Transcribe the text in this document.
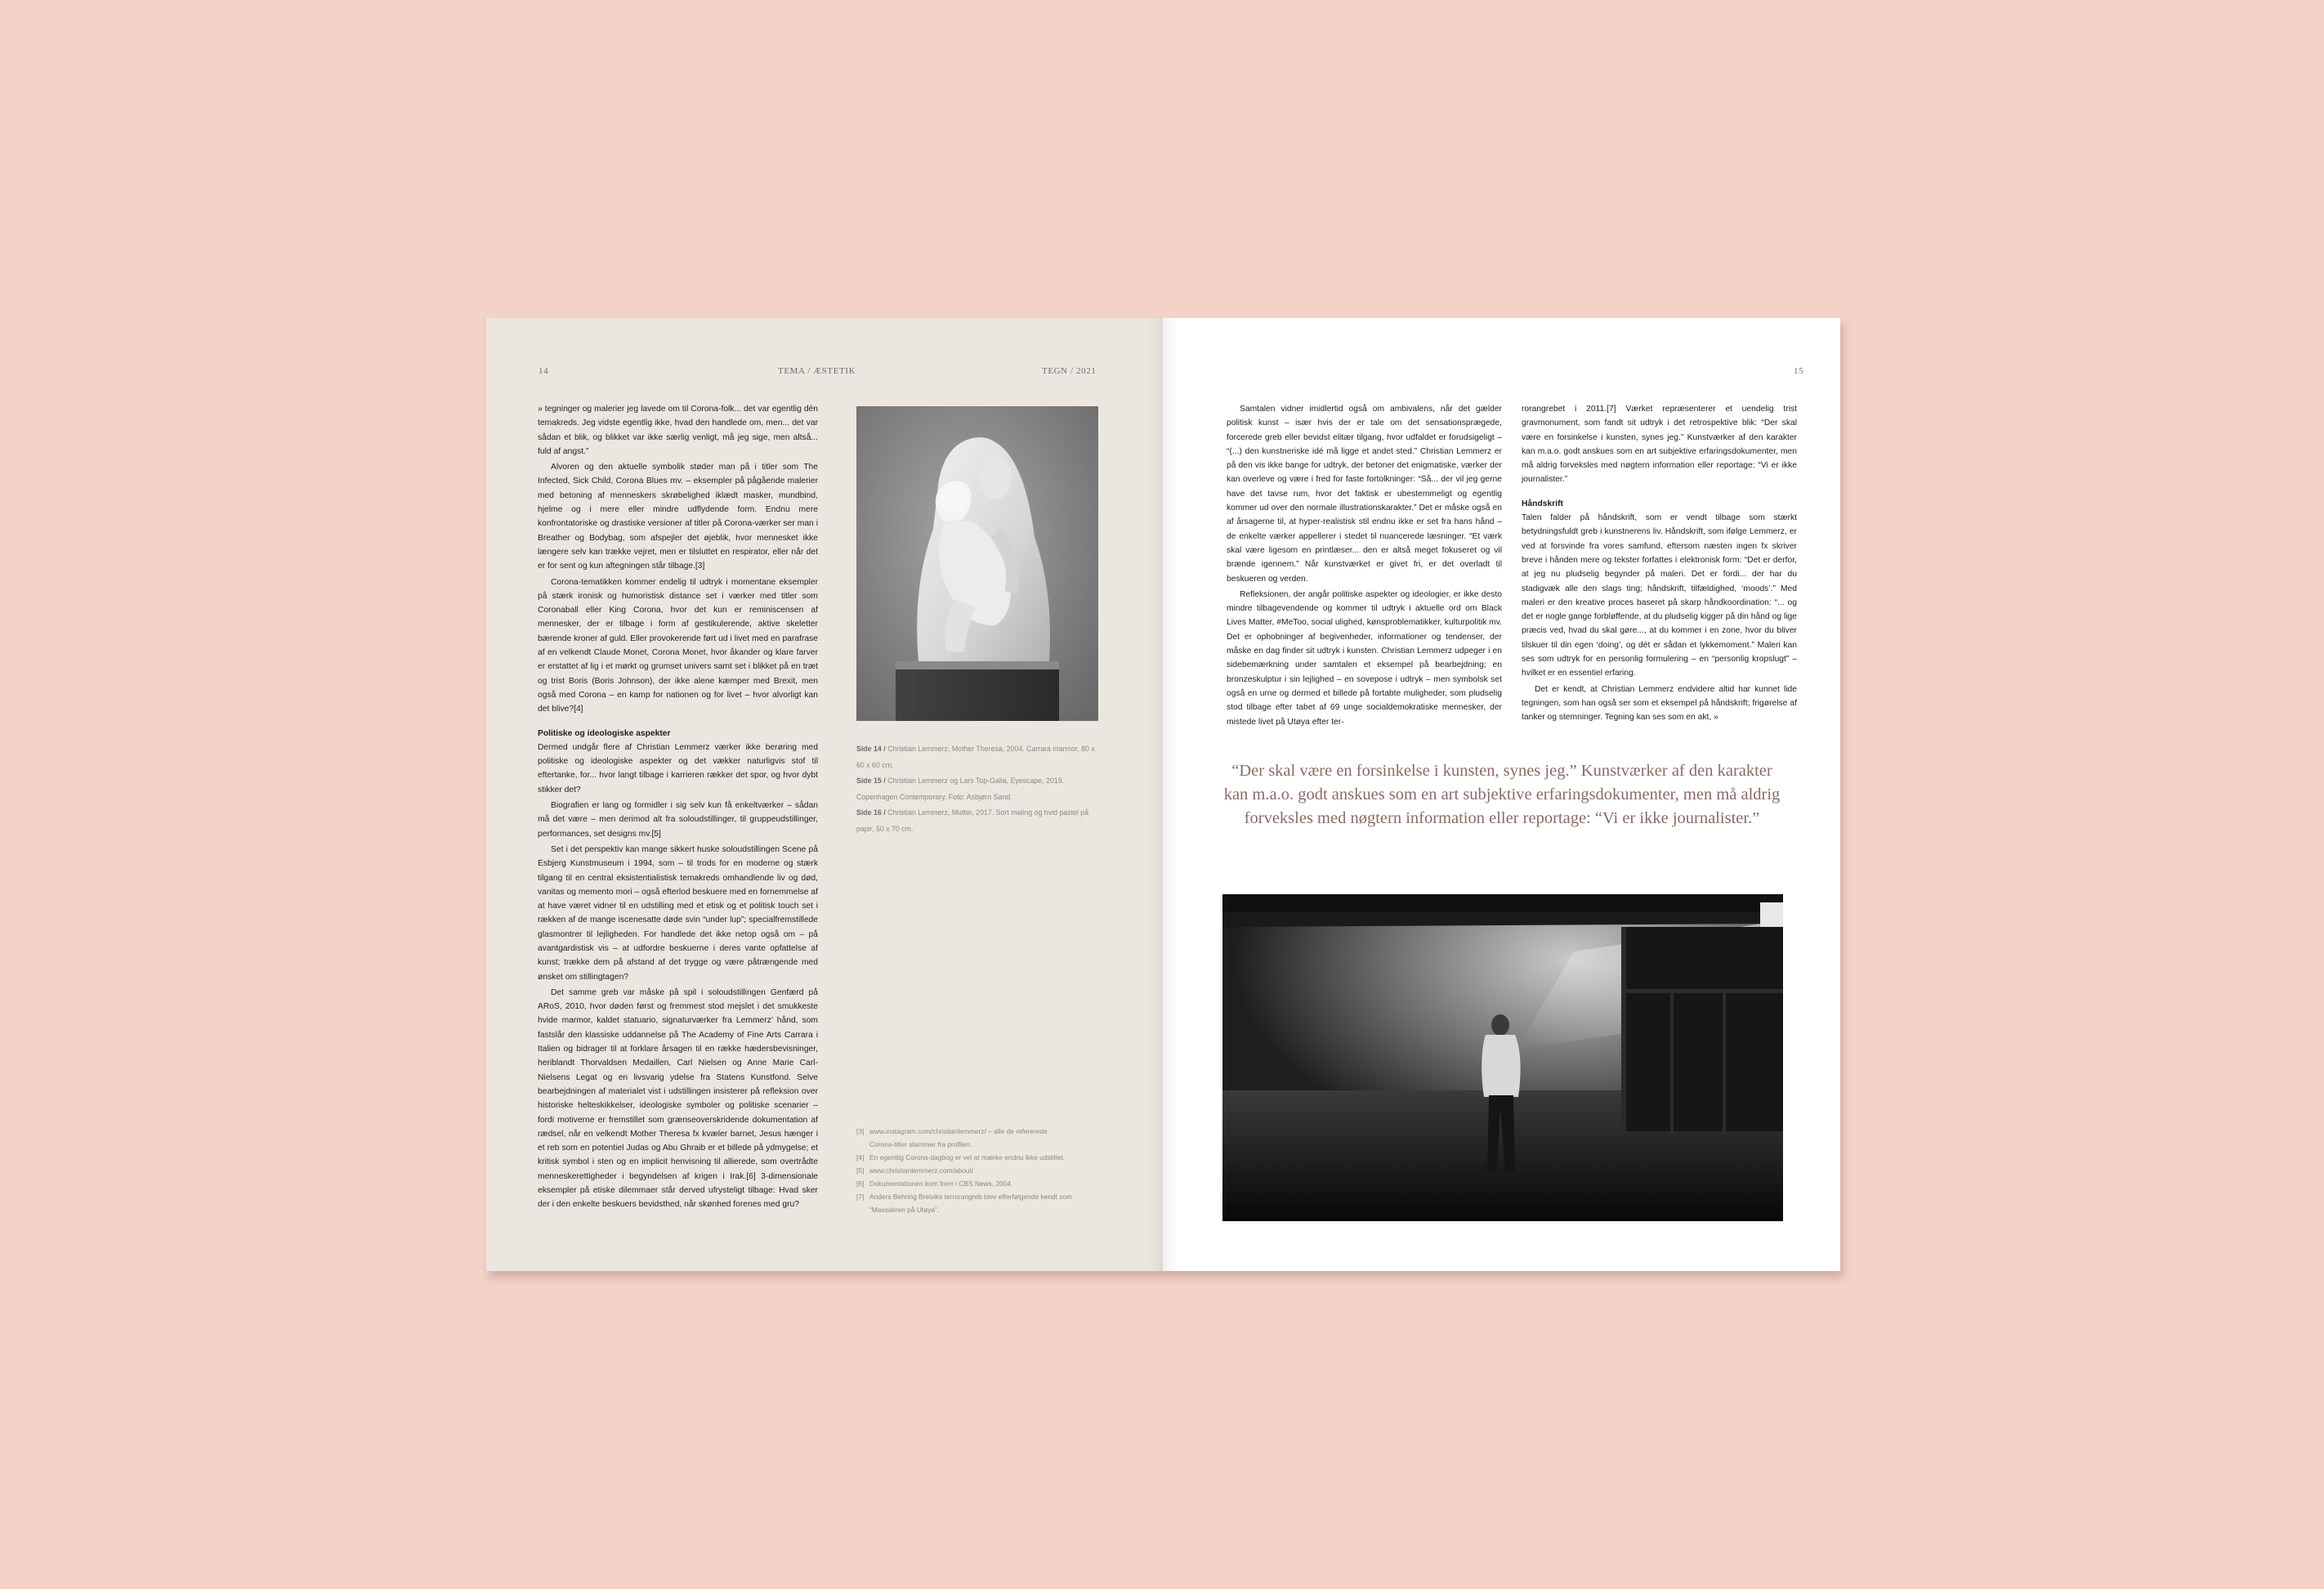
14	TEMA / ÆSTETIK	TEGN / 2021

» tegninger og malerier jeg lavede om til Corona-folk... det var egentlig dén temakreds. Jeg vidste egentlig ikke, hvad den handlede om, men... det var sådan et blik, og blikket var ikke særlig venligt, må jeg sige, men altså... fuld af angst.”

Alvoren og den aktuelle symbolik støder man på i titler som The Infected, Sick Child, Corona Blues mv. – eksempler på pågående malerier med betoning af menneskers skrøbelighed iklædt masker, mundbind, hjelme og i mere eller mindre udflydende form. Endnu mere konfrontatoriske og drastiske versioner af titler på Corona-værker ser man i Breather og Bodybag, som afspejler det øjeblik, hvor mennesket ikke længere selv kan trække vejret, men er tilsluttet en respirator, eller når det er for sent og kun aftegningen står tilbage.[3]

Corona-tematikken kommer endelig til udtryk i momentane eksempler på stærk ironisk og humoristisk distance set i værker med titler som Coronaball eller King Corona, hvor det kun er reminiscensen af mennesker, der er tilbage i form af gestikulerende, aktive skeletter bærende kroner af guld. Eller provokerende ført ud i livet med en parafrase af en velkendt Claude Monet, Corona Monet, hvor åkander og klare farver er erstattet af lig i et mørkt og grumset univers samt set i blikket på en træt og trist Boris (Boris Johnson), der ikke alene kæmper med Brexit, men også med Corona – en kamp for nationen og for livet – hvor alvorligt kan det blive?[4]

Politiske og ideologiske aspekter

Dermed undgår flere af Christian Lemmerz værker ikke berøring med politiske og ideologiske aspekter og det vækker naturligvis stof til eftertanke, for... hvor langt tilbage i karrieren rækker det spor, og hvor dybt stikker det?

Biografien er lang og formidler i sig selv kun få enkeltværker – sådan må det være – men derimod alt fra soloudstillinger, til gruppeudstillinger, performances, set designs mv.[5]

Set i det perspektiv kan mange sikkert huske soloudstillingen Scene på Esbjerg Kunstmuseum i 1994, som – til trods for en moderne og stærk tilgang til en central eksistentialistisk temakreds omhandlende liv og død, vanitas og memento mori – også efterlod beskuere med en fornemmelse af at have været vidner til en udstilling med et etisk og et politisk touch set i rækken af de mange iscenesatte døde svin “under lup”; specialfremstillede glasmontrer til lejligheden. For handlede det ikke netop også om – på avantgardistisk vis – at udfordre beskuerne i deres vante opfattelse af kunst; trække dem på afstand af det trygge og være påtrængende med ønsket om stillingtagen?

Det samme greb var måske på spil i soloudstillingen Genfærd på ARoS, 2010, hvor døden først og fremmest stod mejslet i det smukkeste hvide marmor, kaldet statuario, signaturværker fra Lemmerz’ hånd, som fastslår den klassiske uddannelse på The Academy of Fine Arts Carrara i Italien og bidrager til at forklare årsagen til en række hædersbevisninger, heriblandt Thorvaldsen Medaillen, Carl Nielsen og Anne Marie Carl-Nielsens Legat og en livsvarig ydelse fra Statens Kunstfond. Selve bearbejdningen af materialet vist i udstillingen insisterer på refleksion over historiske helteskikkelser, ideologiske symboler og politiske scenarier – fordi motiverne er fremstillet som grænseoverskridende dokumentation af rædsel, når en velkendt Mother Theresa fx kvæler barnet, Jesus hænger i et reb som en potentiel Judas og Abu Ghraib er et billede på ydmygelse; et kritisk symbol i sten og en implicit henvisning til allierede, som overtrådte menneskerettigheder i begyndelsen af krigen i Irak.[6] 3-dimensionale eksempler på etiske dilemmaer står derved ufrysteligt tilbage: Hvad sker der i den enkelte beskuers bevidsthed, når skønhed forenes med gru?

Side 14 / Christian Lemmerz, Mother Theresa, 2004. Carrara marmor, 80 x 60 x 60 cm.
Side 15 / Christian Lemmerz og Lars Top-Galia, Eyescape, 2019. Copenhagen Contemporary. Foto: Asbjørn Sand.
Side 16 / Christian Lemmerz, Mutter, 2017. Sort maling og hvid pastel på papir, 50 x 70 cm.
[3] www.instagram.com/christianlemmerz/ – alle de refererede
Corona-titler stammer fra profilen.
[4] En egentlig Corona-dagbog er vel at mærke endnu ikke udstillet.
[5] www.christianlemmerz.com/about/
[6] Dokumentationen kom frem i CBS News, 2004.
[7] Anders Behring Breiviks terrorangreb blev efterfølgende kendt som
“Massakren på Utøya”.
15

Samtalen vidner imidlertid også om ambivalens, når det gælder politisk kunst – især hvis der er tale om det sensationsprægede, forcerede greb eller bevidst elitær tilgang, hvor udfaldet er forudsigeligt – “(...) den kunstneriske idé må ligge et andet sted.” Christian Lemmerz er på den vis ikke bange for udtryk, der betoner det enigmatiske, værker der kan overleve og være i fred for faste fortolkninger: “Så... der vil jeg gerne have det tavse rum, hvor det faktisk er ubestemmeligt og egentlig kommer ud over den normale illustrationskarakter.” Det er måske også en af årsagerne til, at hyper-realistisk stil endnu ikke er set fra hans hånd – de enkelte værker appellerer i stedet til nuancerede læsninger. “Et værk skal være ligesom en printlæser... den er altså meget fokuseret og vil brænde igennem.” Når kunstværket er givet fri, er det overladt til beskueren og verden.

Refleksionen, der angår politiske aspekter og ideologier, er ikke desto mindre tilbagevendende og kommer til udtryk i aktuelle ord om Black Lives Matter, #MeToo, social ulighed, kønsproblematikker, kulturpolitik mv. Det er ophobninger af begivenheder, informationer og tendenser, der måske en dag finder sit udtryk i kunsten. Christian Lemmerz udpeger i en sidebemærkning under samtalen et eksempel på bearbejdning; en bronzeskulptur i sin lejlighed – en sovepose i udtryk – men symbolsk set også en urne og dermed et billede på fortabte muligheder, som pludselig stod tilbage efter tabet af 69 unge socialdemokratiske mennesker, der mistede livet på Utøya efter ter-

rorangrebet i 2011.[7] Værket repræsenterer et uendelig trist gravmonument, som fandt sit udtryk i det retrospektive blik: “Der skal være en forsinkelse i kunsten, synes jeg.” Kunstværker af den karakter kan m.a.o. godt anskues som en art subjektive erfaringsdokumenter, men må aldrig forveksles med nøgtern information eller reportage: “Vi er ikke journalister.”

Håndskrift

Talen falder på håndskrift, som er vendt tilbage som stærkt betydningsfuldt greb i kunstnerens liv. Håndskrift, som ifølge Lemmerz, er ved at forsvinde fra vores samfund, eftersom næsten ingen fx skriver breve i hånden mere og tekster forfattes i elektronisk form: “Det er derfor, at jeg nu pludselig begynder på maleri. Det er fordi... der har du stadigvæk alle den slags ting; håndskrift, tilfældighed, ‘moods’.” Med maleri er den kreative proces baseret på skarp håndkoordination: “... og det er nogle gange forbløffende, at du pludselig kigger på din hånd og lige præcis ved, hvad du skal gøre..., at du kommer i en zone, hvor du bliver tilskuer til din egen ‘doing’, og dét er sådan et lykkemoment.” Maleri kan ses som udtryk for en personlig formulering – en “personlig kropslugt” – hvilket er en essentiel erfaring.

Det er kendt, at Christian Lemmerz endvidere altid har kunnet lide tegningen, som han også ser som et eksempel på håndskrift; frigørelse af tanker og stemninger. Tegning kan ses som en akt, »

“Der skal være en forsinkelse i kunsten, synes jeg.” Kunstværker af den karakter kan m.a.o. godt anskues som en art subjektive erfaringsdokumenter, men må aldrig forveksles med nøgtern information eller reportage: “Vi er ikke journalister.”
